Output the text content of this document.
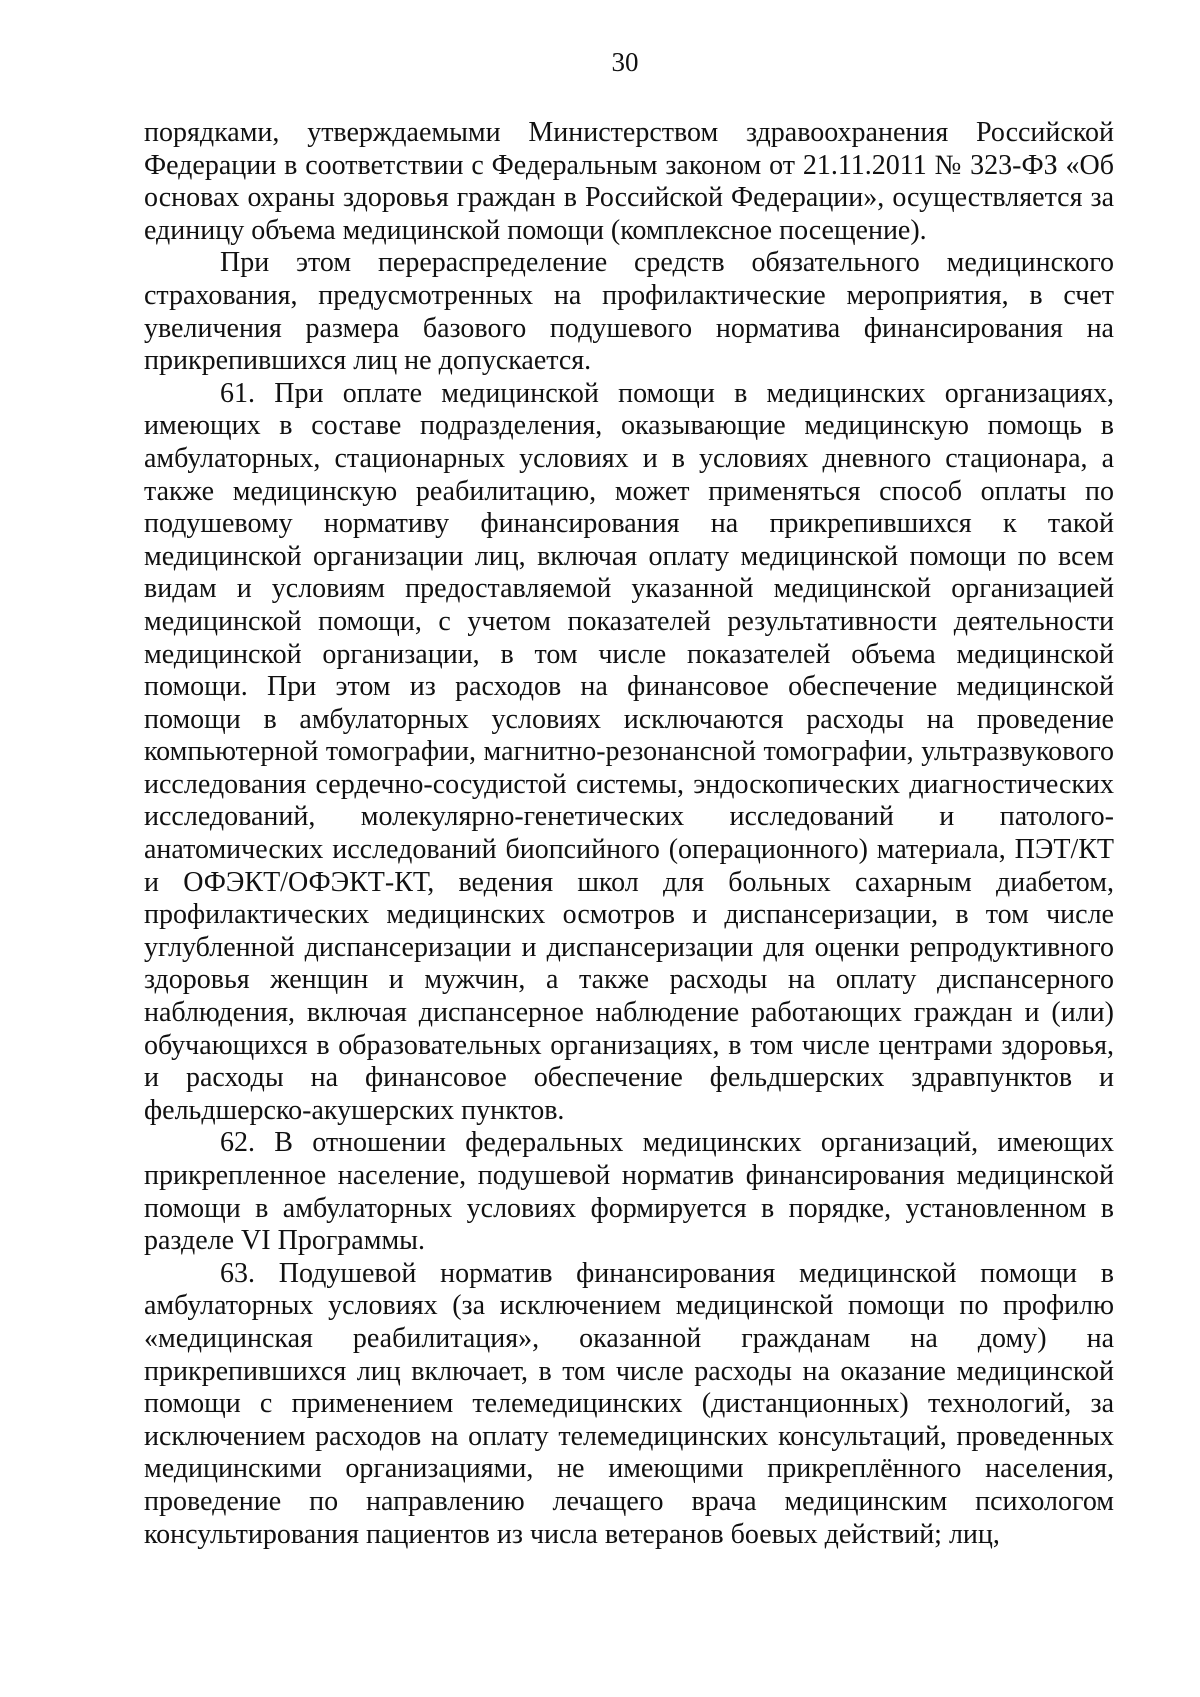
30

порядками, утверждаемыми Министерством здравоохранения Российской Федерации в соответствии с Федеральным законом от 21.11.2011 № 323-ФЗ «Об основах охраны здоровья граждан в Российской Федерации», осуществляется за единицу объема медицинской помощи (комплексное посещение).

При этом перераспределение средств обязательного медицинского страхования, предусмотренных на профилактические мероприятия, в счет увеличения размера базового подушевого норматива финансирования на прикрепившихся лиц не допускается.

61. При оплате медицинской помощи в медицинских организациях, имеющих в составе подразделения, оказывающие медицинскую помощь в амбулаторных, стационарных условиях и в условиях дневного стационара, а также медицинскую реабилитацию, может применяться способ оплаты по подушевому нормативу финансирования на прикрепившихся к такой медицинской организации лиц, включая оплату медицинской помощи по всем видам и условиям предоставляемой указанной медицинской организацией медицинской помощи, с учетом показателей результативности деятельности медицинской организации, в том числе показателей объема медицинской помощи. При этом из расходов на финансовое обеспечение медицинской помощи в амбулаторных условиях исключаются расходы на проведение компьютерной томографии, магнитно-резонансной томографии, ультразвукового исследования сердечно-сосудистой системы, эндоскопических диагностических исследований, молекулярно-генетических исследований и патолого-анатомических исследований биопсийного (операционного) материала, ПЭТ/КТ и ОФЭКТ/ОФЭКТ-КТ, ведения школ для больных сахарным диабетом, профилактических медицинских осмотров и диспансеризации, в том числе углубленной диспансеризации и диспансеризации для оценки репродуктивного здоровья женщин и мужчин, а также расходы на оплату диспансерного наблюдения, включая диспансерное наблюдение работающих граждан и (или) обучающихся в образовательных организациях, в том числе центрами здоровья, и расходы на финансовое обеспечение фельдшерских здравпунктов и фельдшерско-акушерских пунктов.

62. В отношении федеральных медицинских организаций, имеющих прикрепленное население, подушевой норматив финансирования медицинской помощи в амбулаторных условиях формируется в порядке, установленном в разделе VI Программы.

63. Подушевой норматив финансирования медицинской помощи в амбулаторных условиях (за исключением медицинской помощи по профилю «медицинская реабилитация», оказанной гражданам на дому) на прикрепившихся лиц включает, в том числе расходы на оказание медицинской помощи с применением телемедицинских (дистанционных) технологий, за исключением расходов на оплату телемедицинских консультаций, проведенных медицинскими организациями, не имеющими прикреплённого населения, проведение по направлению лечащего врача медицинским психологом консультирования пациентов из числа ветеранов боевых действий; лиц,
